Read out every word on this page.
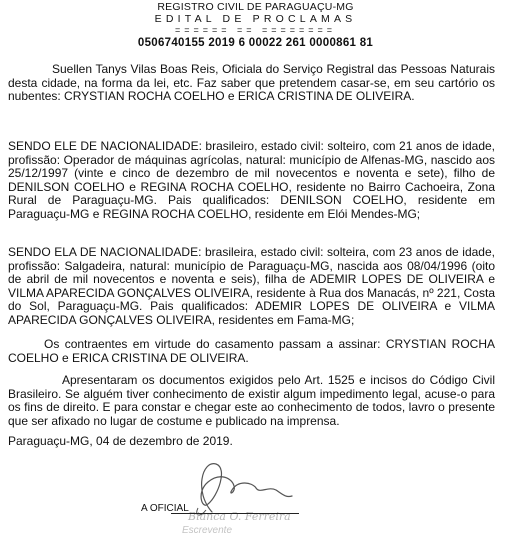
REGISTRO CIVIL DE PARAGUAÇU-MG
EDITAL DE PROCLAMAS
====== == ========
0506740155 2019 6 00022 261 0000861 81
Suellen Tanys Vilas Boas Reis, Oficiala do Serviço Registral das Pessoas Naturais desta cidade, na forma da lei, etc. Faz saber que pretendem casar-se, em seu cartório os nubentes: CRYSTIAN ROCHA COELHO e ERICA CRISTINA DE OLIVEIRA.
SENDO ELE DE NACIONALIDADE: brasileiro, estado civil: solteiro, com 21 anos de idade, profissão: Operador de máquinas agrícolas, natural: município de Alfenas-MG, nascido aos 25/12/1997 (vinte e cinco de dezembro de mil novecentos e noventa e sete), filho de DENILSON COELHO e REGINA ROCHA COELHO, residente no Bairro Cachoeira, Zona Rural de Paraguaçu-MG. Pais qualificados: DENILSON COELHO, residente em Paraguaçu-MG e REGINA ROCHA COELHO, residente em Elói Mendes-MG;
SENDO ELA DE NACIONALIDADE: brasileira, estado civil: solteira, com 23 anos de idade, profissão: Salgadeira, natural: município de Paraguaçu-MG, nascida aos 08/04/1996 (oito de abril de mil novecentos e noventa e seis), filha de ADEMIR LOPES DE OLIVEIRA e VILMA APARECIDA GONÇALVES OLIVEIRA, residente à Rua dos Manacás, nº 221, Costa do Sol, Paraguaçu-MG. Pais qualificados: ADEMIR LOPES DE OLIVEIRA e VILMA APARECIDA GONÇALVES OLIVEIRA, residentes em Fama-MG;
Os contraentes em virtude do casamento passam a assinar: CRYSTIAN ROCHA COELHO e ERICA CRISTINA DE OLIVEIRA.
Apresentaram os documentos exigidos pelo Art. 1525 e incisos do Código Civil Brasileiro. Se alguém tiver conhecimento de existir algum impedimento legal, acuse-o para os fins de direito. E para constar e chegar este ao conhecimento de todos, lavro o presente que ser afixado no lugar de costume e publicado na imprensa.
Paraguaçu-MG, 04 de dezembro de 2019.
Bianca O. Ferreira
Escrevente
A OFICIAL
